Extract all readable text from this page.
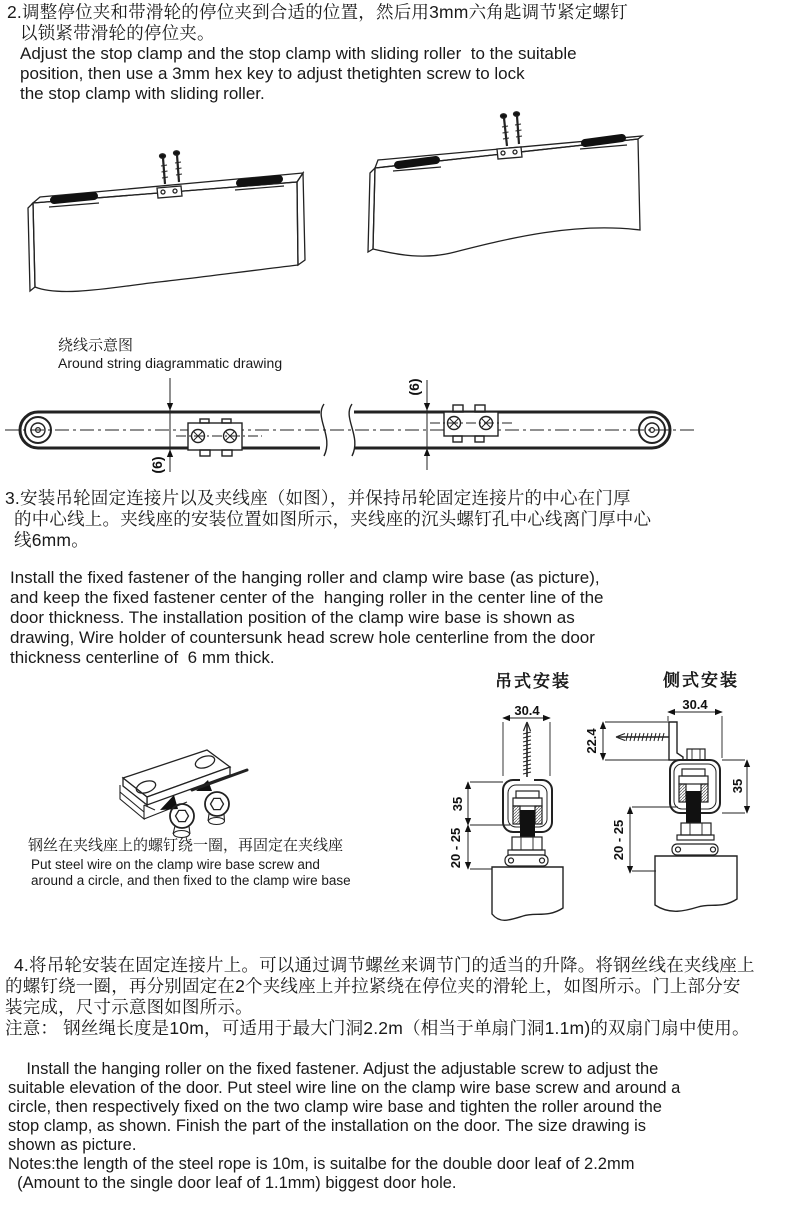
2.调整停位夹和带滑轮的停位夹到合适的位置，然后用3mm六角匙调节紧定螺钉
以锁紧带滑轮的停位夹。
Adjust the stop clamp and the stop clamp with sliding roller  to the suitable
position, then use a 3mm hex key to adjust thetighten screw to lock
the stop clamp with sliding roller.
绕线示意图
Around string diagrammatic drawing
(6)
(6)
3.安装吊轮固定连接片以及夹线座（如图），并保持吊轮固定连接片的中心在门厚
的中心线上。夹线座的安装位置如图所示，夹线座的沉头螺钉孔中心线离门厚中心
线6mm。
Install the fixed fastener of the hanging roller and clamp wire base (as picture),
and keep the fixed fastener center of the  hanging roller in the center line of the
door thickness. The installation position of the clamp wire base is shown as
drawing, Wire holder of countersunk head screw hole centerline from the door
thickness centerline of  6 mm thick.
吊式安装	侧式安装
钢丝在夹线座上的螺钉绕一圈，再固定在夹线座
Put steel wire on the clamp wire base screw and
around a circle, and then fixed to the clamp wire base
30.4
35
20 - 25
30.4
22.4
35
20 - 25
4.将吊轮安装在固定连接片上。可以通过调节螺丝来调节门的适当的升降。将钢丝线在夹线座上
的螺钉绕一圈，再分别固定在2个夹线座上并拉紧绕在停位夹的滑轮上，如图所示。门上部分安
装完成，尺寸示意图如图所示。
注意： 钢丝绳长度是10m，可适用于最大门洞2.2m（相当于单扇门洞1.1m)的双扇门扇中使用。
Install the hanging roller on the fixed fastener. Adjust the adjustable screw to adjust the
suitable elevation of the door. Put steel wire line on the clamp wire base screw and around a
circle, then respectively fixed on the two clamp wire base and tighten the roller around the
stop clamp, as shown. Finish the part of the installation on the door. The size drawing is
shown as picture.
Notes:the length of the steel rope is 10m, is suitalbe for the double door leaf of 2.2mm
(Amount to the single door leaf of 1.1mm) biggest door hole.
